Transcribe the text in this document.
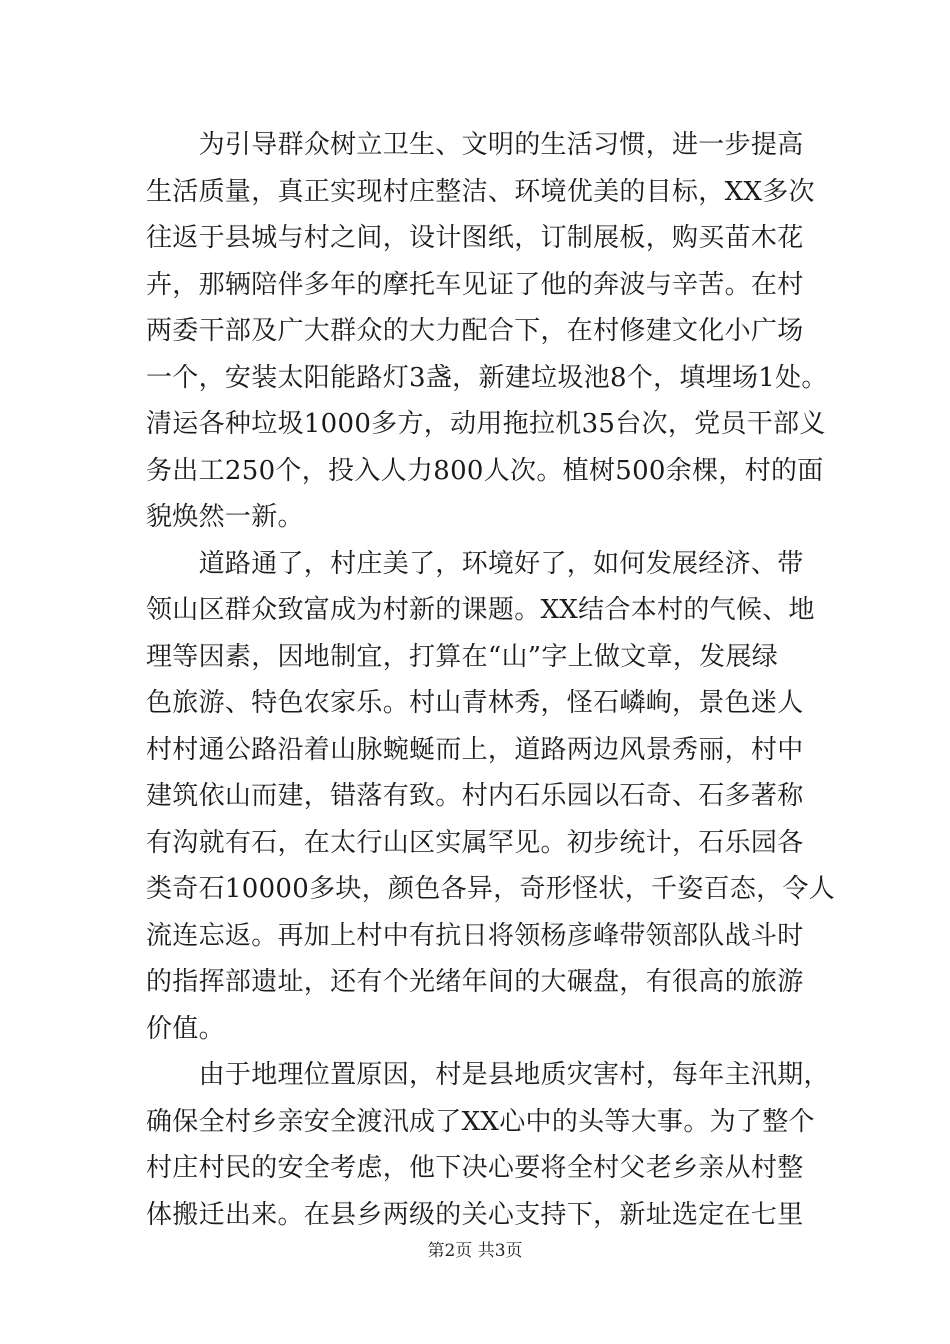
　　为引导群众树立卫生、文明的生活习惯，进一步提高
生活质量，真正实现村庄整洁、环境优美的目标，XX多次
往返于县城与村之间，设计图纸，订制展板，购买苗木花
卉，那辆陪伴多年的摩托车见证了他的奔波与辛苦。在村
两委干部及广大群众的大力配合下，在村修建文化小广场
一个，安装太阳能路灯3盏，新建垃圾池8个，填埋场1处。
清运各种垃圾1000多方，动用拖拉机35台次，党员干部义
务出工250个，投入人力800人次。植树500余棵，村的面
貌焕然一新。
　　道路通了，村庄美了，环境好了，如何发展经济、带
领山区群众致富成为村新的课题。XX结合本村的气候、地
理等因素，因地制宜，打算在“山”字上做文章，发展绿
色旅游、特色农家乐。村山青林秀，怪石嶙峋，景色迷人
村村通公路沿着山脉蜿蜒而上，道路两边风景秀丽，村中
建筑依山而建，错落有致。村内石乐园以石奇、石多著称
有沟就有石，在太行山区实属罕见。初步统计，石乐园各
类奇石10000多块，颜色各异，奇形怪状，千姿百态，令人
流连忘返。再加上村中有抗日将领杨彦峰带领部队战斗时
的指挥部遗址，还有个光绪年间的大碾盘，有很高的旅游
价值。
　　由于地理位置原因，村是县地质灾害村，每年主汛期，
确保全村乡亲安全渡汛成了XX心中的头等大事。为了整个
村庄村民的安全考虑，他下决心要将全村父老乡亲从村整
体搬迁出来。在县乡两级的关心支持下，新址选定在七里
第2页 共3页
